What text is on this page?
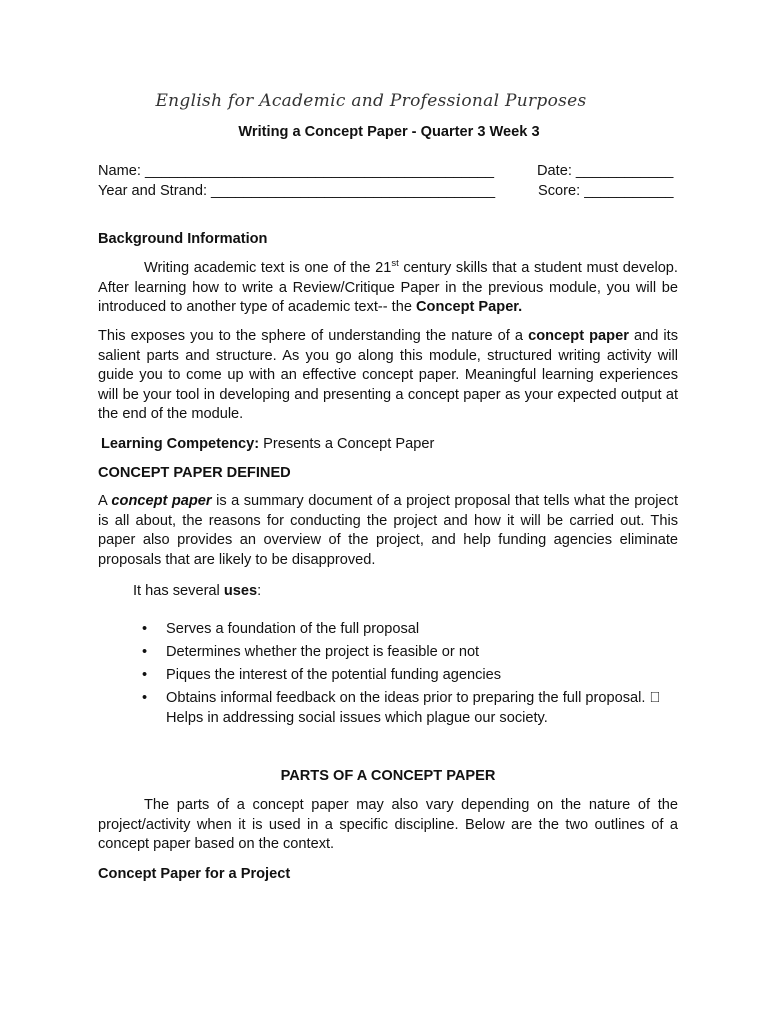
English for Academic and Professional Purposes
Writing a Concept Paper - Quarter 3 Week 3
Name: ___________________________________________	Date: ____________
Year and Strand: ___________________________________	Score: ___________
Background Information
Writing academic text is one of the 21st century skills that a student must develop. After learning how to write a Review/Critique Paper in the previous module, you will be introduced to another type of academic text-- the Concept Paper.
This exposes you to the sphere of understanding the nature of a concept paper and its salient parts and structure. As you go along this module, structured writing activity will guide you to come up with an effective concept paper. Meaningful learning experiences will be your tool in developing and presenting a concept paper as your expected output at the end of the module.
Learning Competency: Presents a Concept Paper
CONCEPT PAPER DEFINED
A concept paper is a summary document of a project proposal that tells what the project is all about, the reasons for conducting the project and how it will be carried out. This paper also provides an overview of the project, and help funding agencies eliminate proposals that are likely to be disapproved.
It has several uses:
• Serves a foundation of the full proposal
• Determines whether the project is feasible or not
• Piques the interest of the potential funding agencies
• Obtains informal feedback on the ideas prior to preparing the full proposal. Helps in addressing social issues which plague our society.
PARTS OF A CONCEPT PAPER
The parts of a concept paper may also vary depending on the nature of the project/activity when it is used in a specific discipline. Below are the two outlines of a concept paper based on the context.
Concept Paper for a Project
